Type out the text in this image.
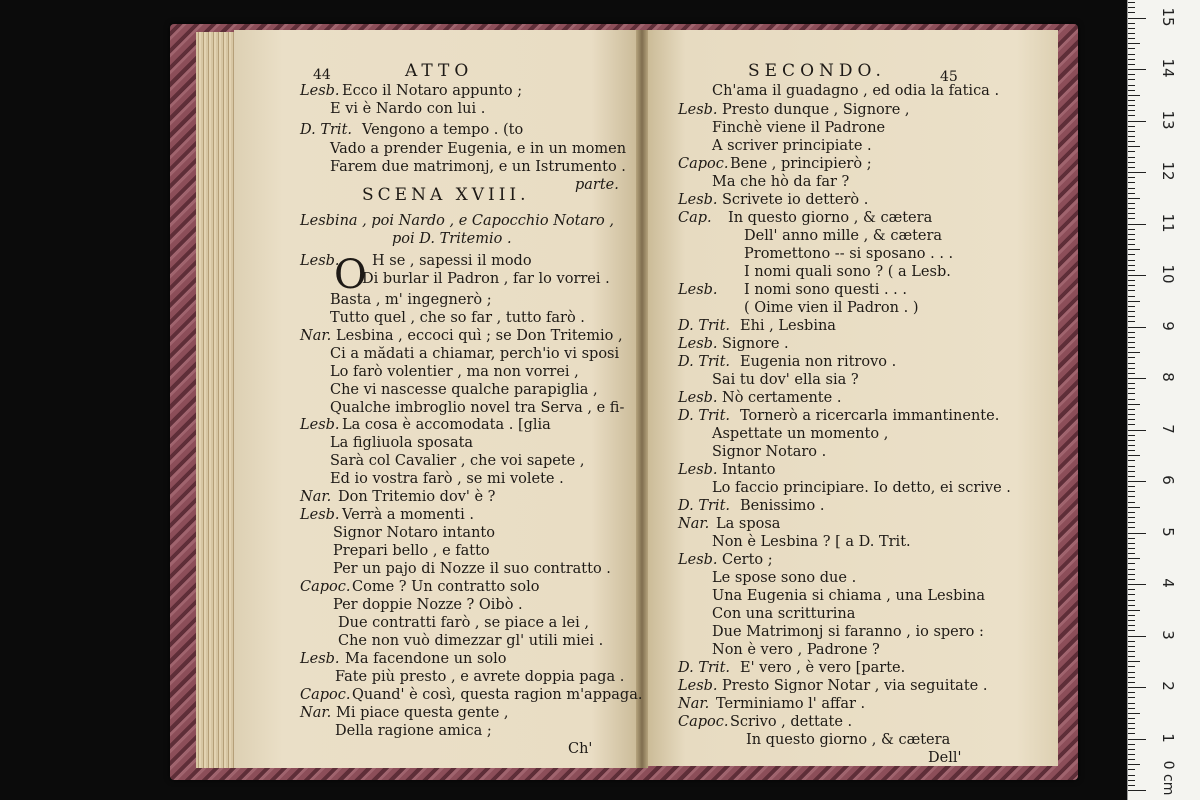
44	ATTO
Lesb. Ecco il Notaro appunto ;
E vi è Nardo con lui .
D. Trit. Vengono a tempo . (to
Vado a prender Eugenia, e in un momen
Farem due matrimonj, e un Istrumento .
parte.
SCENA XVIII.
Lesbina , poi Nardo , e Capocchio Notaro ,
poi D. Tritemio .
O
Lesb. H se , sapessi il modo
Di burlar il Padron , far lo vorrei .
Basta , m' ingegnerò ;
Tutto quel , che so far , tutto farò .
Nar. Lesbina , eccoci quì ; se Don Tritemio ,
Ci a mădati a chiamar, perch'io vi sposi
Lo farò volentier , ma non vorrei ,
Che vi nascesse qualche parapiglia ,
Qualche imbroglio novel tra Serva , e fi-
Lesb. La cosa è accomodata . [glia
La figliuola sposata
Sarà col Cavalier , che voi sapete ,
Ed io vostra farò , se mi volete .
Nar. Don Tritemio dov' è ?
Lesb. Verrà a momenti .
Signor Notaro intanto
Prepari bello , e fatto
Per un pajo di Nozze il suo contratto .
Capoc. Come ? Un contratto solo
Per doppie Nozze ? Oibò .
Due contratti farò , se piace a lei ,
Che non vuò dimezzar gl' utili miei .
Lesb. Ma facendone un solo
Fate più presto , e avrete doppia paga .
Capoc. Quand' è così, questa ragion m'appaga.
Nar. Mi piace questa gente ,
Della ragione amica ;
Ch'
SECONDO.	45
Ch'ama il guadagno , ed odia la fatica .
Lesb. Presto dunque , Signore ,
Finchè viene il Padrone
A scriver principiate .
Capoc. Bene , principierò ;
Ma che hò da far ?
Lesb. Scrivete io detterò .
Cap. In questo giorno , & cætera
Dell' anno mille , & cætera
Promettono -- si sposano . . .
I nomi quali sono ? ( a Lesb.
Lesb. I nomi sono questi . . .
( Oime vien il Padron . )
D. Trit. Ehi , Lesbina
Lesb. Signore .
D. Trit. Eugenia non ritrovo .
Sai tu dov' ella sia ?
Lesb. Nò certamente .
D. Trit. Tornerò a ricercarla immantinente.
Aspettate un momento ,
Signor Notaro .
Lesb. Intanto
Lo faccio principiare. Io detto, ei scrive .
D. Trit. Benissimo .
Nar. La sposa
Non è Lesbina ? [ a D. Trit.
Lesb. Certo ;
Le spose sono due .
Una Eugenia si chiama , una Lesbina
Con una scritturina
Due Matrimonj si faranno , io spero :
Non è vero , Padrone ?
D. Trit. E' vero , è vero [parte.
Lesb. Presto Signor Notar , via seguitate .
Nar. Terminiamo l' affar .
Capoc. Scrivo , dettate .
In questo giorno , & cætera
Dell'
0 cm
1
2
3
4
5
6
7
8
9
10
11
12
13
14
15
